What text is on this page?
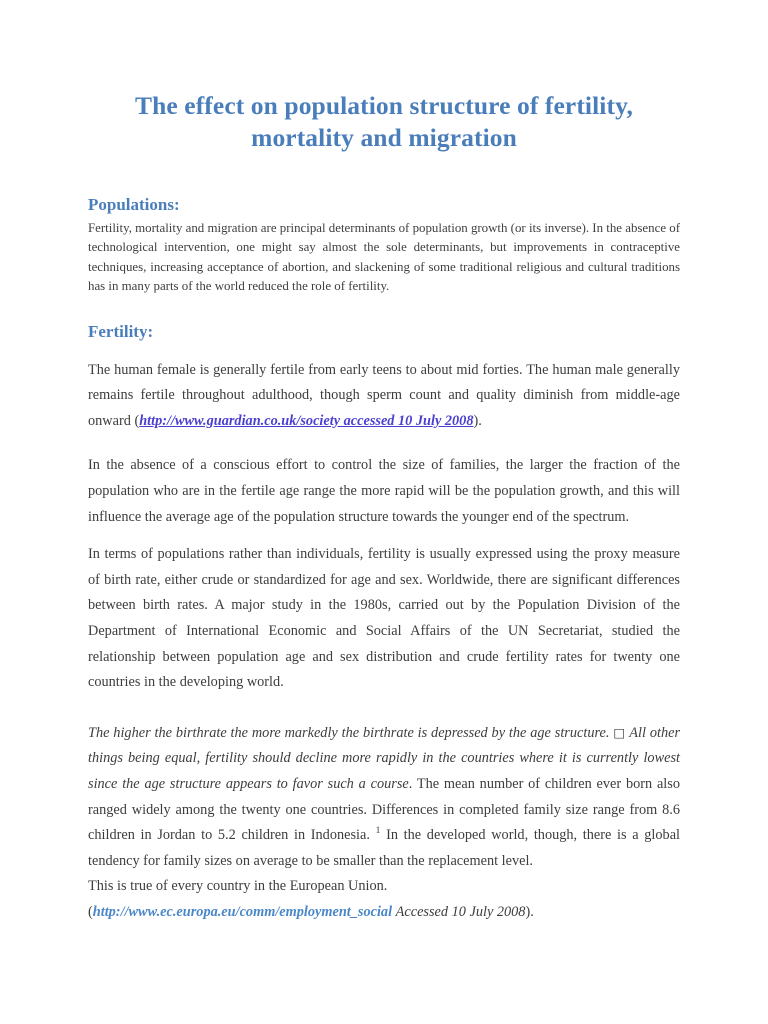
The effect on population structure of fertility,
mortality and migration
Populations:

Fertility, mortality and migration are principal determinants of population growth (or its inverse). In the absence of technological intervention, one might say almost the sole determinants, but improvements in contraceptive techniques, increasing acceptance of abortion, and slackening of some traditional religious and cultural traditions has in many parts of the world reduced the role of fertility.

Fertility:

The human female is generally fertile from early teens to about mid forties. The human male generally remains fertile throughout adulthood, though sperm count and quality diminish from middle-age onward (http://www.guardian.co.uk/society accessed 10 July 2008).

In the absence of a conscious effort to control the size of families, the larger the fraction of the population who are in the fertile age range the more rapid will be the population growth, and this will influence the average age of the population structure towards the younger end of the spectrum.

In terms of populations rather than individuals, fertility is usually expressed using the proxy measure of birth rate, either crude or standardized for age and sex. Worldwide, there are significant differences between birth rates. A major study in the 1980s, carried out by the Population Division of the Department of International Economic and Social Affairs of the UN Secretariat, studied the relationship between population age and sex distribution and crude fertility rates for twenty one countries in the developing world.

The higher the birthrate the more markedly the birthrate is depressed by the age structure. □ All other things being equal, fertility should decline more rapidly in the countries where it is currently lowest since the age structure appears to favor such a course. The mean number of children ever born also ranged widely among the twenty one countries. Differences in completed family size range from 8.6 children in Jordan to 5.2 children in Indonesia. $^1$ In the developed world, though, there is a global tendency for family sizes on average to be smaller than the replacement level.

This is true of every country in the European Union.

(http://www.ec.europa.eu/comm/employment_social Accessed 10 July 2008).
